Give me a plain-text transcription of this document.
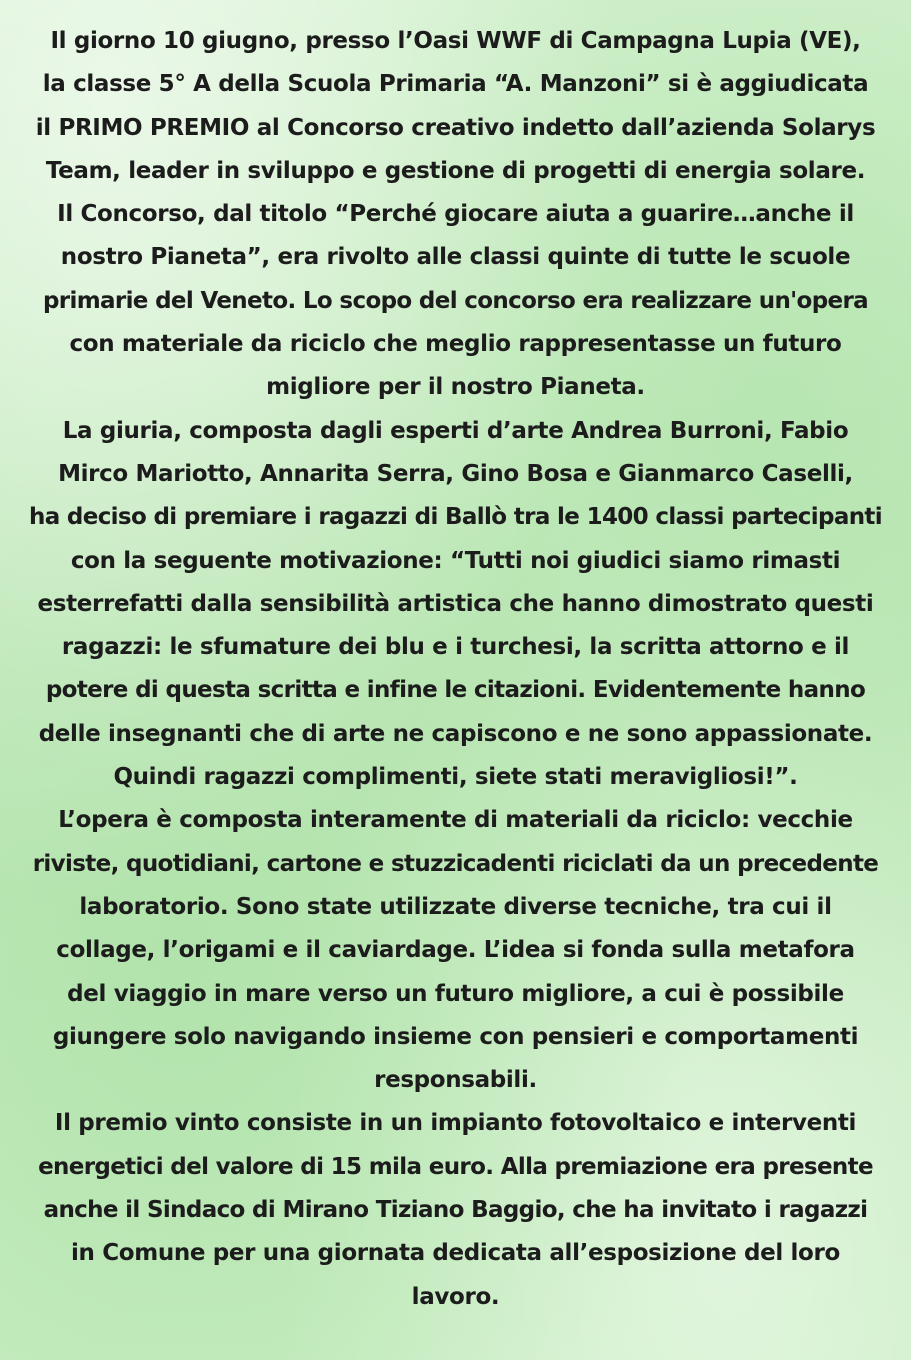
Il giorno 10 giugno, presso l’Oasi WWF di Campagna Lupia (VE),
la classe 5° A della Scuola Primaria “A. Manzoni” si è aggiudicata
il PRIMO PREMIO al Concorso creativo indetto dall’azienda Solarys
Team, leader in sviluppo e gestione di progetti di energia solare.
Il Concorso, dal titolo “Perché giocare aiuta a guarire…anche il
nostro Pianeta”, era rivolto alle classi quinte di tutte le scuole
primarie del Veneto. Lo scopo del concorso era realizzare un'opera
con materiale da riciclo che meglio rappresentasse un futuro
migliore per il nostro Pianeta.
La giuria, composta dagli esperti d’arte Andrea Burroni, Fabio
Mirco Mariotto, Annarita Serra, Gino Bosa e Gianmarco Caselli,
ha deciso di premiare i ragazzi di Ballò tra le 1400 classi partecipanti
con la seguente motivazione: “Tutti noi giudici siamo rimasti
esterrefatti dalla sensibilità artistica che hanno dimostrato questi
ragazzi: le sfumature dei blu e i turchesi, la scritta attorno e il
potere di questa scritta e infine le citazioni. Evidentemente hanno
delle insegnanti che di arte ne capiscono e ne sono appassionate.
Quindi ragazzi complimenti, siete stati meravigliosi!”.
L’opera è composta interamente di materiali da riciclo: vecchie
riviste, quotidiani, cartone e stuzzicadenti riciclati da un precedente
laboratorio. Sono state utilizzate diverse tecniche, tra cui il
collage, l’origami e il caviardage. L’idea si fonda sulla metafora
del viaggio in mare verso un futuro migliore, a cui è possibile
giungere solo navigando insieme con pensieri e comportamenti
responsabili.
Il premio vinto consiste in un impianto fotovoltaico e interventi
energetici del valore di 15 mila euro. Alla premiazione era presente
anche il Sindaco di Mirano Tiziano Baggio, che ha invitato i ragazzi
in Comune per una giornata dedicata all’esposizione del loro
lavoro.
